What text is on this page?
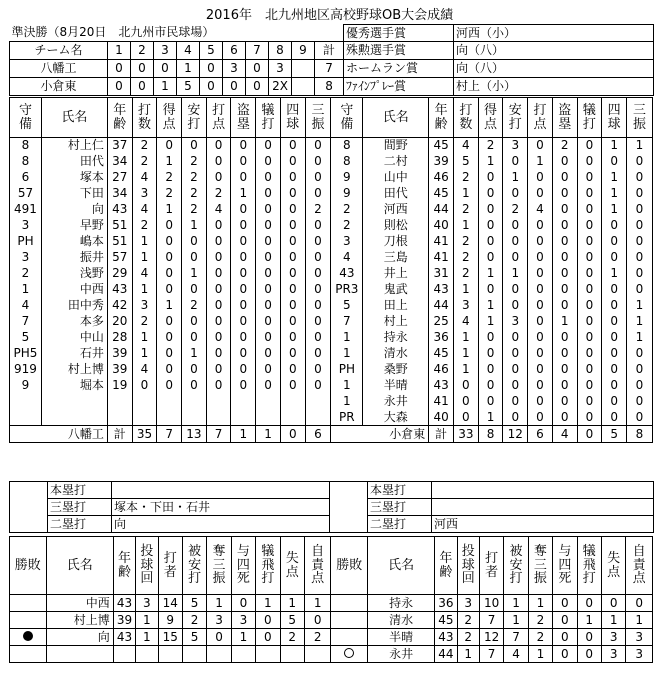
2016年　北九州地区高校野球OB大会成績
準決勝（8月20日　北九州市民球場）											優秀選手賞	河西（小）
チーム名	1	2	3	4	5	6	7	8	9	計	殊勲選手賞	向（八）
八幡工	0	0	0	1	0	3	0	3		7	ホームラン賞	向（八）
小倉東	0	0	1	5	0	0	0	2X		8	ﾌｧｲﾝﾌﾟﾚｰ賞	村上（小）
守備	氏名	年齢	打数	得点	安打	打点	盗塁	犠打	四球	三振	守備	氏名	年齢	打数	得点	安打	打点	盗塁	犠打	四球	三振
8	村上仁	37	2	0	0	0	0	0	0	0	8	間野	45	4	2	3	0	2	0	1	1
8	田代	34	2	1	2	0	0	0	0	0	8	二村	39	5	1	0	1	0	0	0	0
6	塚本	27	4	2	2	0	0	0	0	0	9	山中	46	2	0	1	0	0	0	1	0
57	下田	34	3	2	2	2	1	0	0	0	9	田代	45	1	0	0	0	0	0	1	0
491	向	43	4	1	2	4	0	0	0	2	2	河西	44	2	0	2	4	0	0	1	0
3	早野	51	2	0	1	0	0	0	0	0	2	則松	40	1	0	0	0	0	0	0	0
PH	嶋本	51	1	0	0	0	0	0	0	0	3	刀根	41	2	0	0	0	0	0	0	0
3	振井	57	1	0	0	0	0	0	0	0	4	三島	41	2	0	0	0	0	0	0	0
2	浅野	29	4	0	1	0	0	0	0	0	43	井上	31	2	1	1	0	0	0	1	0
1	中西	43	1	0	0	0	0	0	0	0	PR3	鬼武	43	1	0	0	0	0	0	0	0
4	田中秀	42	3	1	2	0	0	0	0	0	5	田上	44	3	1	0	0	0	0	0	1
7	本多	20	2	0	0	0	0	0	0	0	7	村上	25	4	1	3	0	1	0	0	1
5	中山	28	1	0	0	0	0	0	0	0	1	持永	36	1	0	0	0	0	0	0	1
PH5	石井	39	1	0	1	0	0	0	0	0	1	清水	45	1	0	0	0	0	0	0	0
919	村上博	39	4	0	0	0	0	0	0	0	PH	桑野	46	1	0	0	0	0	0	0	0
9	堀本	19	0	0	0	0	0	0	0	0	1	半晴	43	0	0	0	0	0	0	0	0
											1	永井	41	0	0	0	0	0	0	0	0
											PR	大森	40	0	1	0	0	0	0	0	0
八幡工		計	35	7	13	7	1	1	0	6	小倉東		計	33	8	12	6	4	0	5	8
	本塁打			本塁打	
	三塁打	塚本・下田・石井		三塁打	
	二塁打	向		二塁打	河西
勝敗	氏名	年齢	投球回	打者	被安打	奪三振	与四死	犠飛打	失点	自責点	勝敗	氏名	年齢	投球回	打者	被安打	奪三振	与四死	犠飛打	失点	自責点
	中西	43	3	14	5	1	0	1	1	1		持永	36	3	10	1	1	0	0	0	0
	村上博	39	1	9	2	3	3	0	5	0		清水	45	2	7	1	2	0	1	1	1
	向	43	1	15	5	0	1	0	2	2		半晴	43	2	12	7	2	0	0	3	3
												永井	44	1	7	4	1	0	0	3	3
